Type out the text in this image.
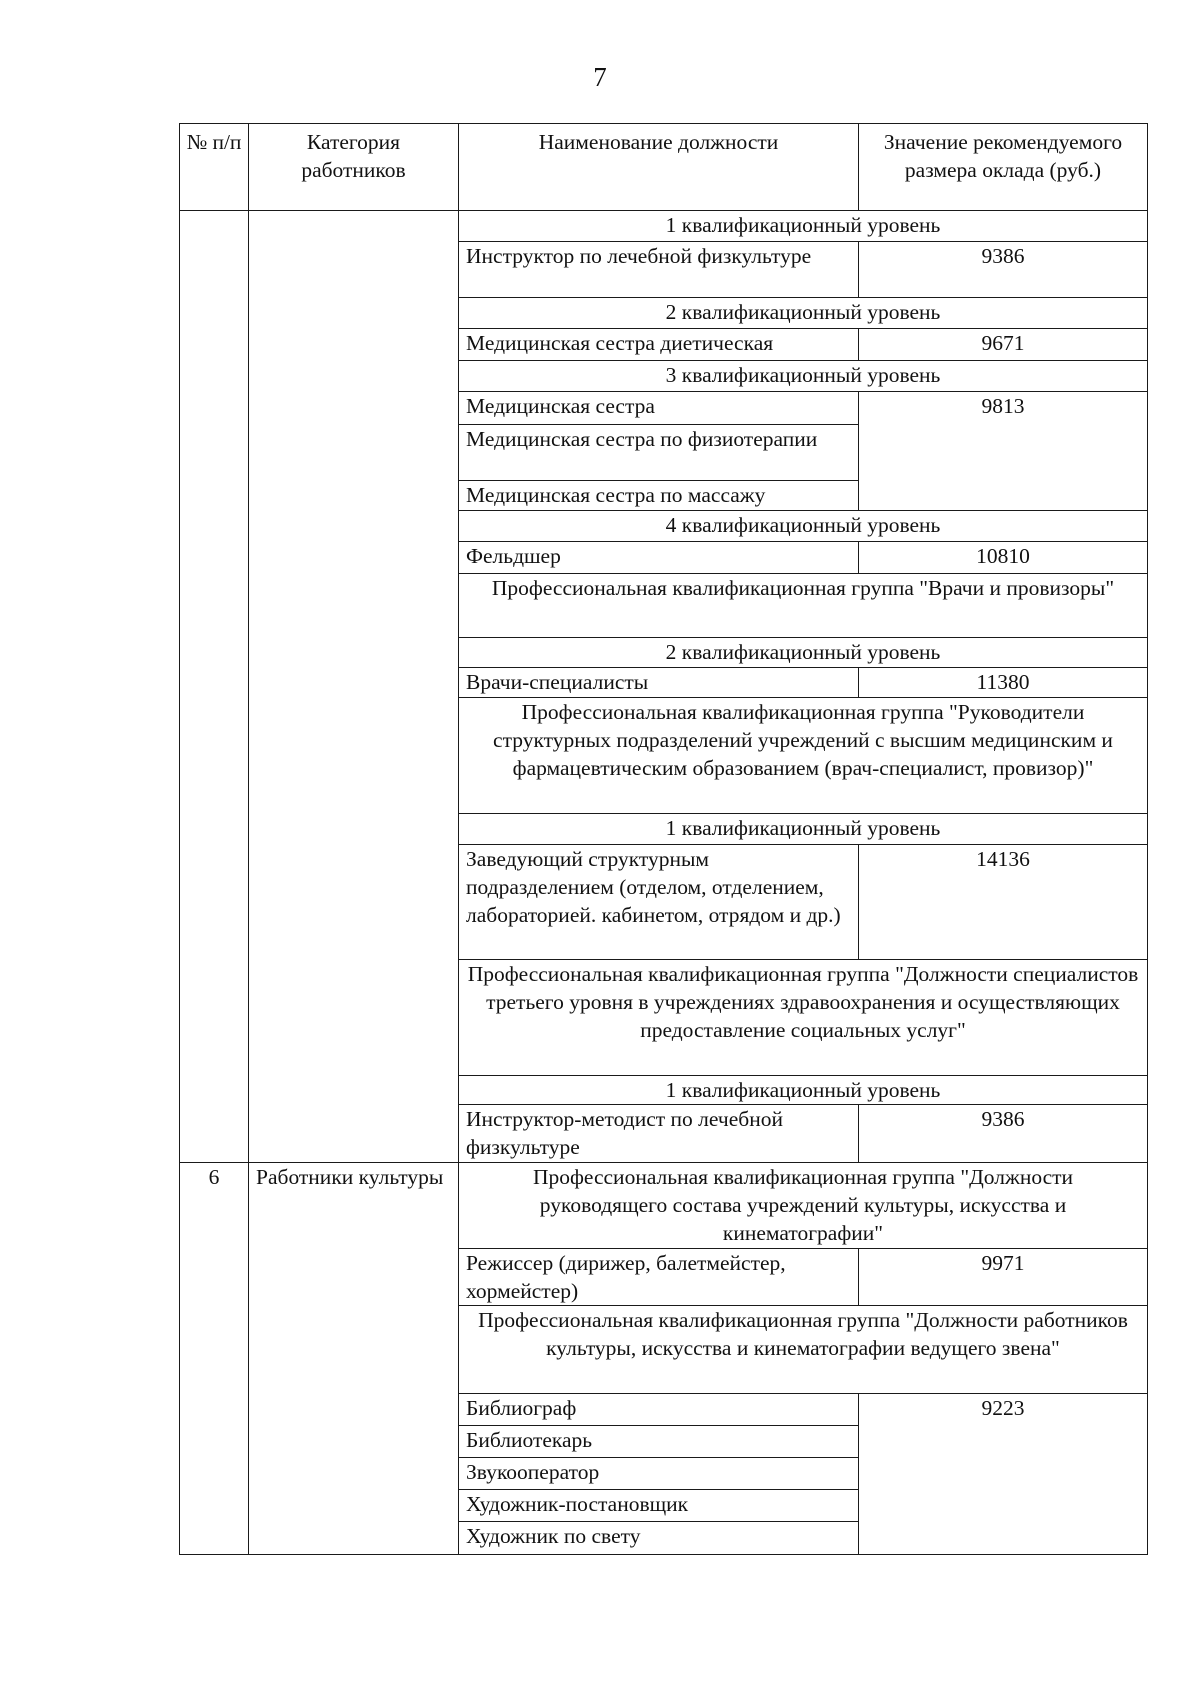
7
№ п/п	Категория работников	Наименование должности	Значение рекомендуемого размера оклада (руб.)
		1 квалификационный уровень	
		Инструктор по лечебной физкультуре	9386
		2 квалификационный уровень	
		Медицинская сестра диетическая	9671
		3 квалификационный уровень	
		Медицинская сестра	9813
		Медицинская сестра по физиотерапии	
		Медицинская сестра по массажу	
		4 квалификационный уровень	
		Фельдшер	10810
		Профессиональная квалификационная группа "Врачи и провизоры"	
		2 квалификационный уровень	
		Врачи-специалисты	11380
		Профессиональная квалификационная группа "Руководители структурных подразделений учреждений с высшим медицинским и фармацевтическим образованием (врач-специалист, провизор)"	
		1 квалификационный уровень	
		Заведующий структурным подразделением (отделом, отделением, лабораторией. кабинетом, отрядом и др.)	14136
		Профессиональная квалификационная группа "Должности специалистов третьего уровня в учреждениях здравоохранения и осуществляющих предоставление социальных услуг"	
		1 квалификационный уровень	
		Инструктор-методист по лечебной физкультуре	9386
6	Работники культуры	Профессиональная квалификационная группа "Должности руководящего состава учреждений культуры, искусства и кинематографии"	
		Режиссер (дирижер, балетмейстер, хормейстер)	9971
		Профессиональная квалификационная группа "Должности работников культуры, искусства и кинематографии ведущего звена"	
		Библиограф	9223
		Библиотекарь	
		Звукооператор	
		Художник-постановщик	
		Художник по свету	
